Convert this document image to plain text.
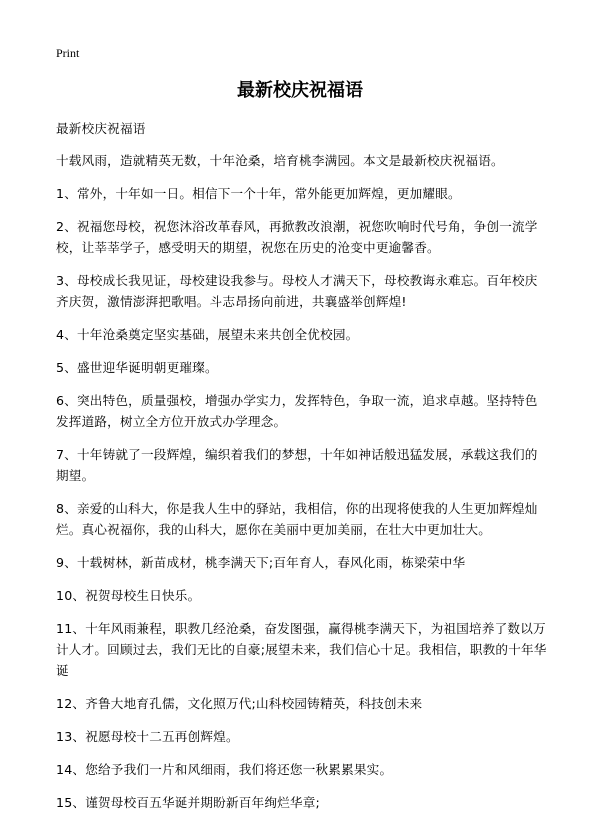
Print
最新校庆祝福语

最新校庆祝福语

十载风雨，造就精英无数，十年沧桑，培育桃李满园。本文是最新校庆祝福语。

1、常外，十年如一日。相信下一个十年，常外能更加辉煌，更加耀眼。

2、祝福您母校，祝您沐浴改革春风，再掀教改浪潮，祝您吹响时代号角，争创一流学校，让莘莘学子，感受明天的期望，祝您在历史的沧变中更逾馨香。

3、母校成长我见证，母校建设我参与。母校人才满天下，母校教诲永难忘。百年校庆齐庆贺，激情澎湃把歌唱。斗志昂扬向前进，共襄盛举创辉煌!

4、十年沧桑奠定坚实基础，展望未来共创全优校园。

5、盛世迎华诞明朝更璀璨。

6、突出特色，质量强校，增强办学实力，发挥特色，争取一流，追求卓越。坚持特色发挥道路，树立全方位开放式办学理念。

7、十年铸就了一段辉煌，编织着我们的梦想，十年如神话般迅猛发展，承载这我们的期望。

8、亲爱的山科大，你是我人生中的驿站，我相信，你的出现将使我的人生更加辉煌灿烂。真心祝福你，我的山科大，愿你在美丽中更加美丽，在壮大中更加壮大。

9、十载树林，新苗成材，桃李满天下;百年育人，春风化雨，栋梁荣中华

10、祝贺母校生日快乐。

11、十年风雨兼程，职教几经沧桑，奋发图强，赢得桃李满天下，为祖国培养了数以万计人才。回顾过去，我们无比的自豪;展望未来，我们信心十足。我相信，职教的十年华诞

12、齐鲁大地育孔儒，文化照万代;山科校园铸精英，科技创未来

13、祝愿母校十二五再创辉煌。

14、您给予我们一片和风细雨，我们将还您一秋累累果实。

15、谨贺母校百五华诞并期盼新百年绚烂华章;
